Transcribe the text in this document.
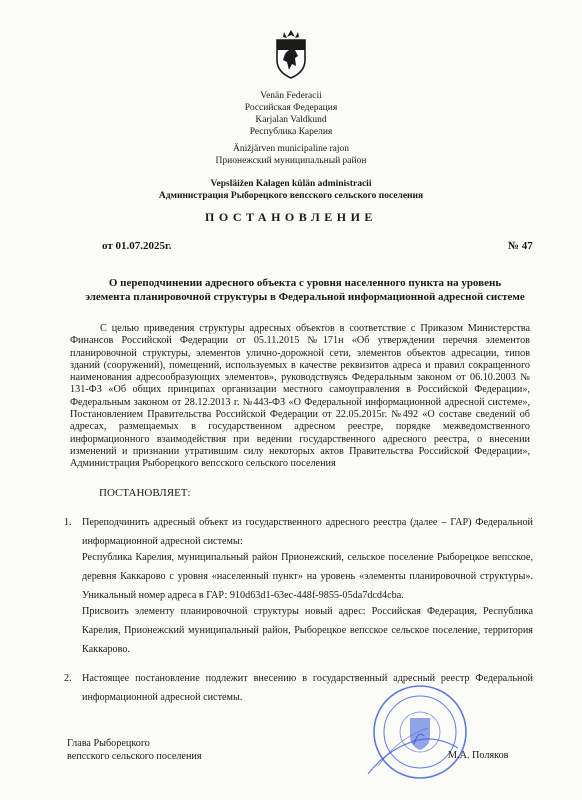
Venän Federacii
Российская Федерация
Karjalan Valdkund
Республика Карелия
Änižjärven municipaline rajon
Прионежский муниципальный район
Vepsläižen Kalagen külän administracii
Администрация Рыборецкого вепсского сельского поселения
ПОСТАНОВЛЕНИЕ
от 01.07.2025г.	№ 47
О переподчинении адресного объекта с уровня населенного пункта на уровень элемента планировочной структуры в Федеральной информационной адресной системе

С целью приведения структуры адресных объектов в соответствие с Приказом Министерства Финансов Российской Федерации от 05.11.2015 №171н «Об утверждении перечня элементов планировочной структуры, элементов улично-дорожной сети, элементов объектов адресации, типов зданий (сооружений), помещений, используемых в качестве реквизитов адреса и правил сокращенного наименования адресообразующих элементов», руководствуясь Федеральным законом от 06.10.2003 № 131-ФЗ «Об общих принципах организации местного самоуправления в Российской Федерации», Федеральным законом от 28.12.2013 г. №443-ФЗ «О Федеральной информационной адресной системе», Постановлением Правительства Российской Федерации от 22.05.2015г. №492 «О составе сведений об адресах, размещаемых в государственном адресном реестре, порядке межведомственного информационного взаимодействия при ведении государственного адресного реестра, о внесении изменений и признании утратившим силу некоторых актов Правительства Российской Федерации», Администрация Рыборецкого вепсского сельского поселения

ПОСТАНОВЛЯЕТ:
1.	Переподчинить адресный объект из государственного адресного реестра (далее – ГАР) Федеральной информационной адресной системы:
Республика Карелия, муниципальный район Прионежский, сельское поселение Рыборецкое вепсское, деревня Каккарово с уровня «населенный пункт» на уровень «элементы планировочной структуры». Уникальный номер адреса в ГАР: 910d63d1-63ec-448f-9855-05da7dcd4cba.
Присвоить элементу планировочной структуры новый адрес: Российская Федерация, Республика Карелия, Прионежский муниципальный район, Рыборецкое вепсское сельское поселение, территория Каккарово.
2.	Настоящее постановление подлежит внесению в государственный адресный реестр Федеральной информационной адресной системы.
Глава Рыборецкого
вепсского сельского поселения	М.А. Поляков
